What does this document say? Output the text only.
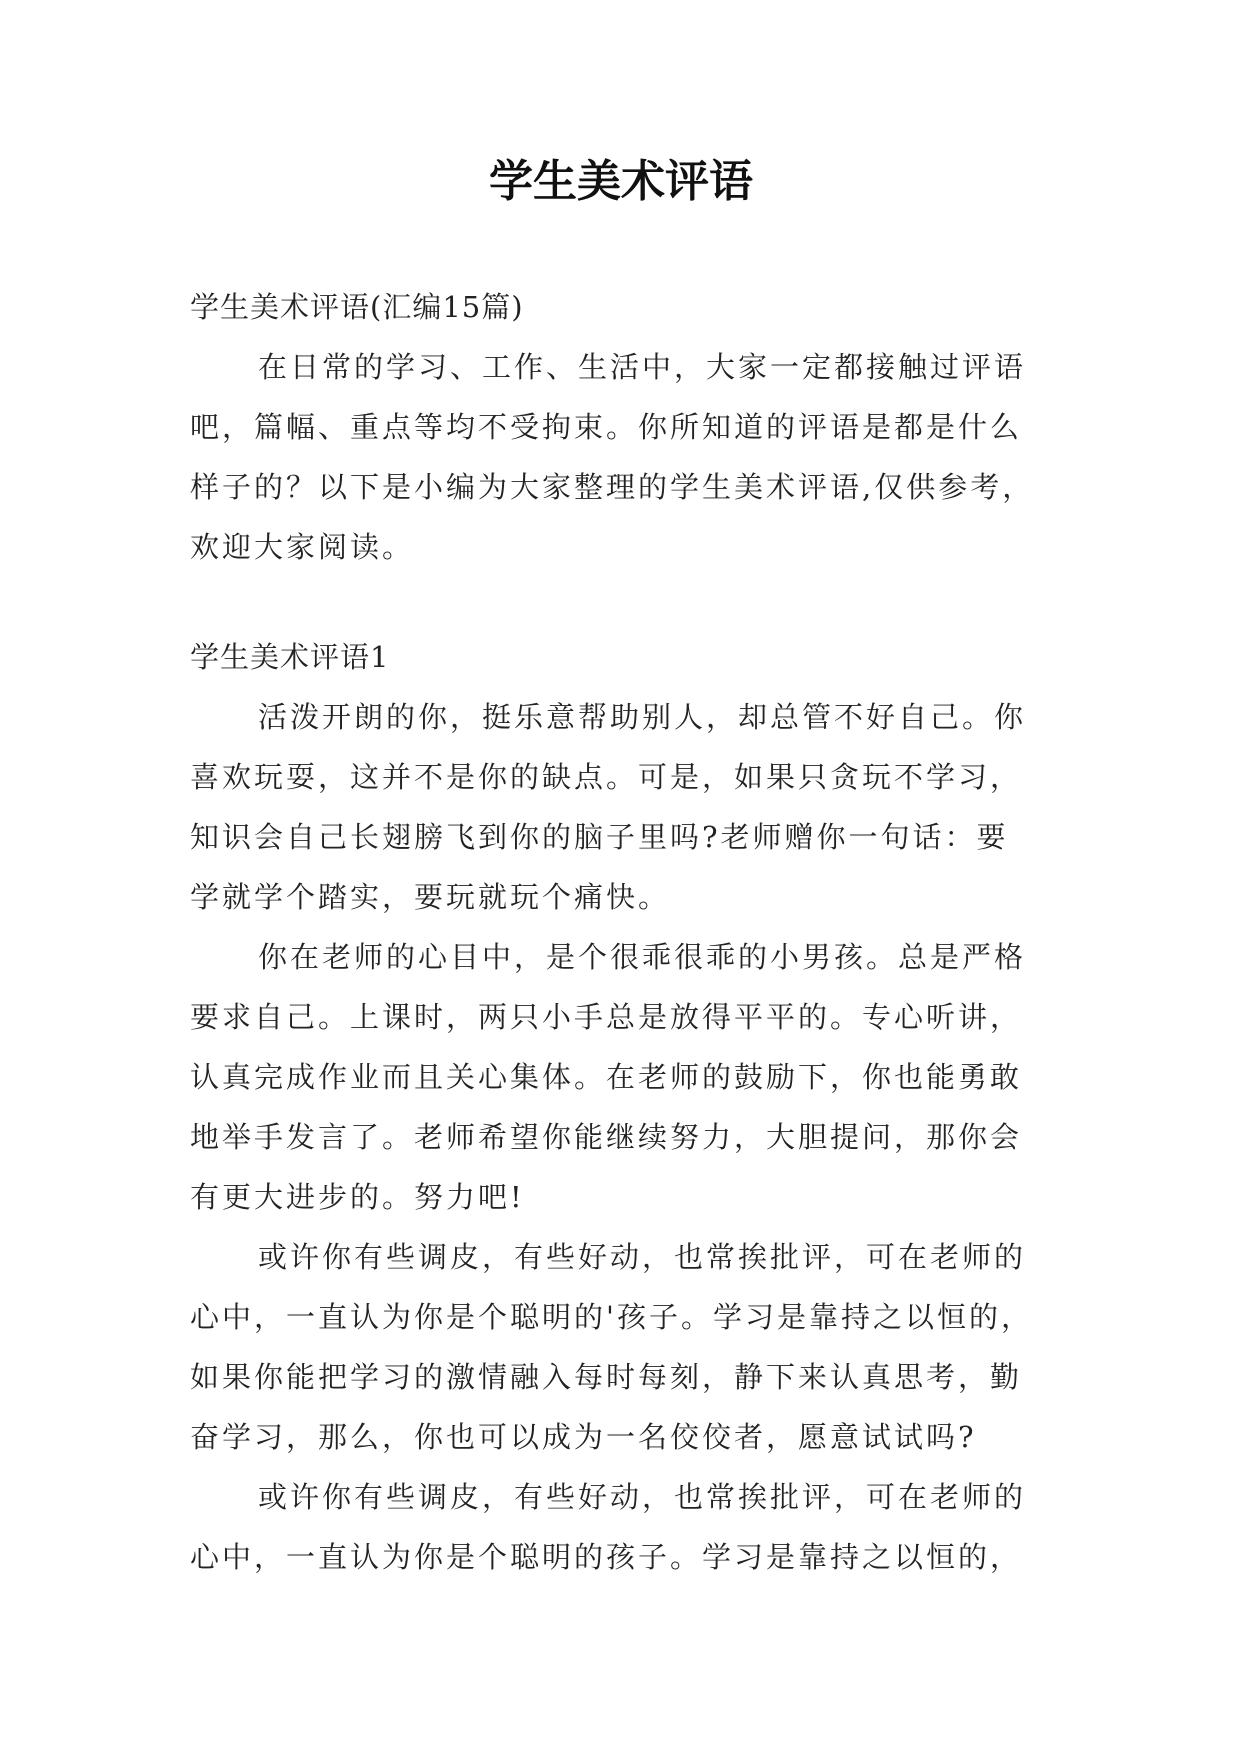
学生美术评语

学生美术评语(汇编15篇)

在日常的学习、工作、生活中，大家一定都接触过评语

吧，篇幅、重点等均不受拘束。你所知道的评语是都是什么

样子的？以下是小编为大家整理的学生美术评语,仅供参考，

欢迎大家阅读。

学生美术评语1

活泼开朗的你，挺乐意帮助别人，却总管不好自己。你

喜欢玩耍，这并不是你的缺点。可是，如果只贪玩不学习，

知识会自己长翅膀飞到你的脑子里吗?老师赠你一句话：要

学就学个踏实，要玩就玩个痛快。

你在老师的心目中，是个很乖很乖的小男孩。总是严格

要求自己。上课时，两只小手总是放得平平的。专心听讲，

认真完成作业而且关心集体。在老师的鼓励下，你也能勇敢

地举手发言了。老师希望你能继续努力，大胆提问，那你会

有更大进步的。努力吧!

或许你有些调皮，有些好动，也常挨批评，可在老师的

心中，一直认为你是个聪明的'孩子。学习是靠持之以恒的，

如果你能把学习的激情融入每时每刻，静下来认真思考，勤

奋学习，那么，你也可以成为一名佼佼者，愿意试试吗?

或许你有些调皮，有些好动，也常挨批评，可在老师的

心中，一直认为你是个聪明的孩子。学习是靠持之以恒的，
